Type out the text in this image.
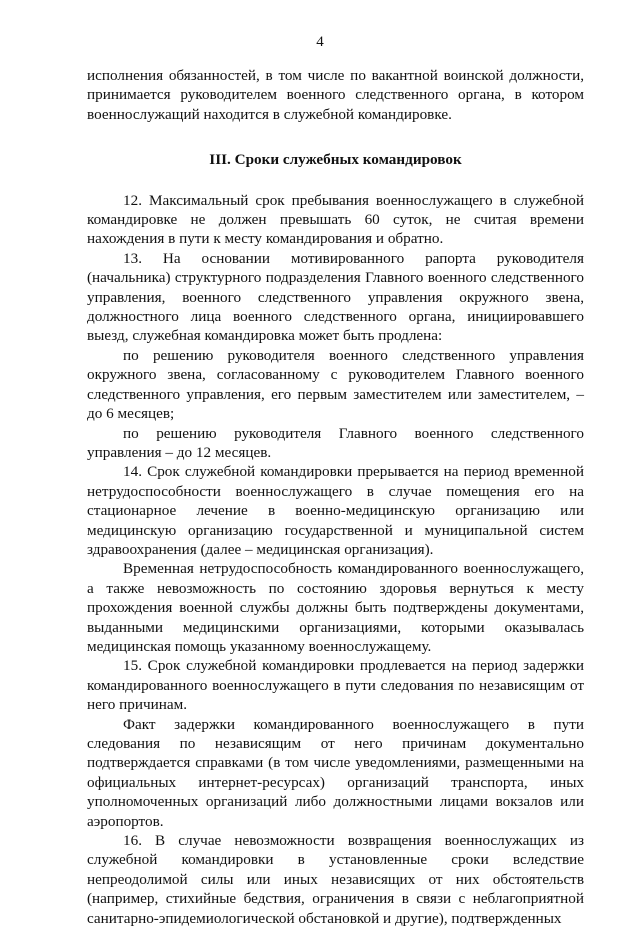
4

исполнения обязанностей, в том числе по вакантной воинской должности, принимается руководителем военного следственного органа, в котором военнослужащий находится в служебной командировке.

III. Сроки служебных командировок

12. Максимальный срок пребывания военнослужащего в служебной командировке не должен превышать 60 суток, не считая времени нахождения в пути к месту командирования и обратно.

13. На основании мотивированного рапорта руководителя (начальника) структурного подразделения Главного военного следственного управления, военного следственного управления окружного звена, должностного лица военного следственного органа, инициировавшего выезд, служебная командировка может быть продлена:

по решению руководителя военного следственного управления окружного звена, согласованному с руководителем Главного военного следственного управления, его первым заместителем или заместителем, – до 6 месяцев;

по решению руководителя Главного военного следственного управления – до 12 месяцев.

14. Срок служебной командировки прерывается на период временной нетрудоспособности военнослужащего в случае помещения его на стационарное лечение в военно-медицинскую организацию или медицинскую организацию государственной и муниципальной систем здравоохранения (далее – медицинская организация).

Временная нетрудоспособность командированного военнослужащего, а также невозможность по состоянию здоровья вернуться к месту прохождения военной службы должны быть подтверждены документами, выданными медицинскими организациями, которыми оказывалась медицинская помощь указанному военнослужащему.

15. Срок служебной командировки продлевается на период задержки командированного военнослужащего в пути следования по независящим от него причинам.

Факт задержки командированного военнослужащего в пути следования по независящим от него причинам документально подтверждается справками (в том числе уведомлениями, размещенными на официальных интернет-ресурсах) организаций транспорта, иных уполномоченных организаций либо должностными лицами вокзалов или аэропортов.

16. В случае невозможности возвращения военнослужащих из служебной командировки в установленные сроки вследствие непреодолимой силы или иных независящих от них обстоятельств (например, стихийные бедствия, ограничения в связи с неблагоприятной санитарно-эпидемиологической обстановкой и другие), подтвержденных
